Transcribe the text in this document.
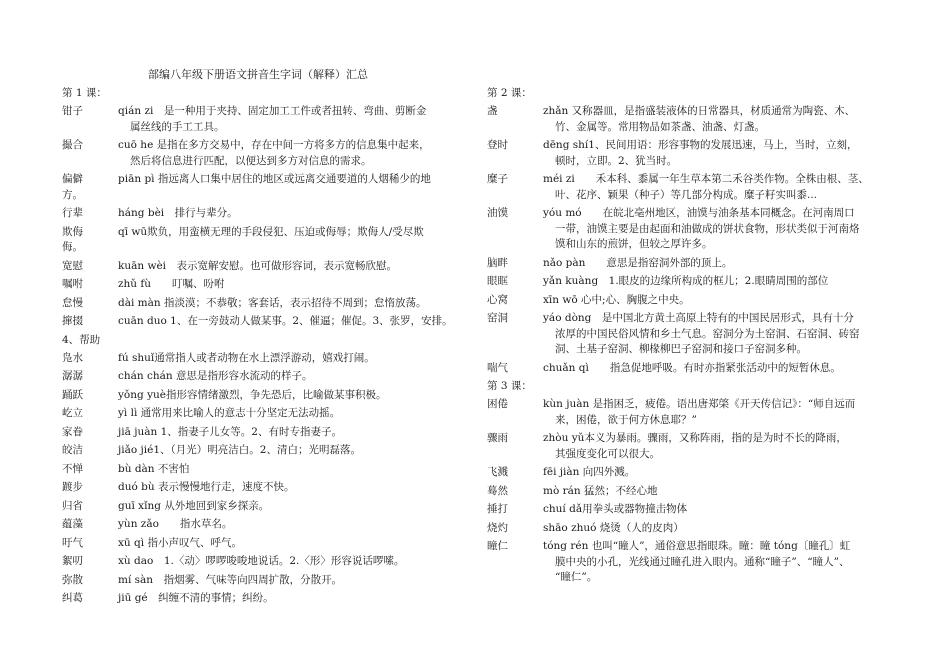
部编八年级下册语文拼音生字词（解释）汇总
第 1 课：
钳子	qián zi　是一种用于夹持、固定加工工件或者扭转、弯曲、剪断金
属丝线的手工工具。
撮合	cuō he 是指在多方交易中，存在中间一方将多方的信息集中起来，
然后将信息进行匹配，以便达到多方对信息的需求。
偏僻	piān pì 指远离人口集中居住的地区或远离交通要道的人烟稀少的地
方。
行辈	háng bèi　排行与辈分。
欺侮	qī wū欺负，用蛮横无理的手段侵犯、压迫或侮辱；欺侮人/受尽欺
侮。
宽慰	kuān wèi　表示宽解安慰。也可做形容词，表示宽畅欣慰。
嘱咐	zhǔ fù　　叮嘱、吩咐
怠慢	dài màn 指淡漠；不恭敬；客套话，表示招待不周到；怠惰放荡。
撺掇	cuān duo 1、在一旁鼓动人做某事。2、催逼；催促。3、张罗，安排。
4、帮助
凫水	fú shuǐ通常指人或者动物在水上漂浮游动，嬉戏打闹。
潺潺	chán chán 意思是指形容水流动的样子。
踊跃	yǒng yuè指形容情绪激烈，争先恐后，比喻做某事积极。
屹立	yì lì 通常用来比喻人的意志十分坚定无法动摇。
家眷	jiā juàn 1、指妻子儿女等。2、有时专指妻子。
皎洁	jiǎo jié1、（月光）明亮洁白。2、清白；光明磊落。
不惮	bù dàn 不害怕
踱步	duó bù 表示慢慢地行走，速度不快。
归省	guī xǐng 从外地回到家乡探亲。
蕴藻	yùn zǎo　　指水草名。
吁气	xū qì 指小声叹气、呼气。
絮叨	xù dao　1.〈动〉啰啰唆唆地说话。2.〈形〉形容说话啰嗦。
弥散	mí sàn　指烟雾、气味等向四周扩散，分散开。
纠葛	jiū gé　纠缠不清的事情；纠纷。
第 2 课：
盏	zhǎn 又称器皿，是指盛装液体的日常器具，材质通常为陶瓷、木、
竹、金属等。常用物品如茶盏、油盏、灯盏。
登时	dēng shí1、民间用语：形容事物的发展迅速，马上，当时，立刻，
顿时，立即。2、犹当时。
糜子	méi zi　　禾本科、黍属一年生草本第二禾谷类作物。全株由根、茎、
叶、花序、颖果（种子）等几部分构成。糜子籽实叫黍...
油馍	yóu mó　　在皖北亳州地区，油馍与油条基本同概念。在河南周口
一带，油馍主要是由起面和油做成的饼状食物，形状类似于河南烙
馍和山东的煎饼，但较之厚许多。
脑畔	nǎo pàn　　意思是指窑洞外部的顶上。
眼眶	yǎn kuàng　1.眼皮的边缘所构成的框儿；2.眼睛周围的部位
心窝	xīn wō 心中;心、胸腹之中央。
窑洞	yáo dòng　是中国北方黄土高原上特有的中国民居形式，具有十分
浓厚的中国民俗风情和乡土气息。窑洞分为土窑洞、石窑洞、砖窑
洞、土基子窑洞、柳椽柳巴子窑洞和接口子窑洞多种。
喘气	chuǎn qì　　指急促地呼吸。有时亦指紧张活动中的短暂休息。
第 3 课：
困倦	kùn juàn 是指困乏，疲倦。语出唐郑棨《开天传信记》：“师自远而
来，困倦，欲于何方休息耶？”
骤雨	zhòu yǔ本义为暴雨。骤雨，又称阵雨，指的是为时不长的降雨，
其强度变化可以很大。
飞溅	fēi jiàn 向四外溅。
蓦然	mò rán 猛然；不经心地
捶打	chuí dǎ用拳头或器物撞击物体
烧灼	shāo zhuó 烧烫（人的皮肉）
瞳仁	tóng rén 也叫“瞳人”，通俗意思指眼珠。瞳：瞳 tóng〔瞳孔〕虹
膜中央的小孔，光线通过瞳孔进入眼内。通称“瞳子”、“瞳人”、
“瞳仁”。
